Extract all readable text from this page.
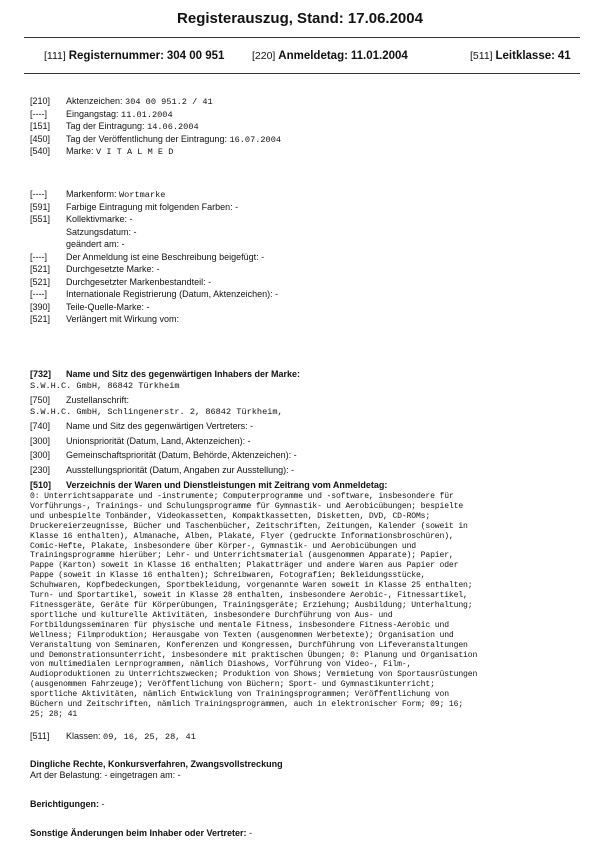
Registerauszug, Stand: 17.06.2004
[111] Registernummer: 304 00 951	[220] Anmeldetag: 11.01.2004	[511] Leitklasse: 41
[210] Aktenzeichen: 304 00 951.2 / 41
[----] Eingangstag: 11.01.2004
[151] Tag der Eintragung: 14.06.2004
[450] Tag der Veröffentlichung der Eintragung: 16.07.2004
[540] Marke: V I T A L M E D
[----] Markenform: Wortmarke
[591] Farbige Eintragung mit folgenden Farben: -
[551] Kollektivmarke: -
Satzungsdatum: -
geändert am: -
[----] Der Anmeldung ist eine Beschreibung beigefügt: -
[521] Durchgesetzte Marke: -
[521] Durchgesetzter Markenbestandteil: -
[----] Internationale Registrierung (Datum, Aktenzeichen): -
[390] Teile-Quelle-Marke: -
[521] Verlängert mit Wirkung vom:
[732] Name und Sitz des gegenwärtigen Inhabers der Marke:
S.W.H.C. GmbH, 86842 Türkheim
[750] Zustellanschrift:
S.W.H.C. GmbH, Schlingenerstr. 2, 86842 Türkheim,
[740] Name und Sitz des gegenwärtigen Vertreters: -
[300] Unionspriorität (Datum, Land, Aktenzeichen): -
[300] Gemeinschaftspriorität (Datum, Behörde, Aktenzeichen): -
[230] Ausstellungspriorität (Datum, Angaben zur Ausstellung): -
[510] Verzeichnis der Waren und Dienstleistungen mit Zeitrang vom Anmeldetag:
0: Unterrichtsapparate und -instrumente; Computerprogramme und -software, insbesondere für
Vorführungs-, Trainings- und Schulungsprogramme für Gymnastik- und Aerobicübungen; bespielte
und unbespielte Tonbänder, Videokassetten, Kompaktkassetten, Disketten, DVD, CD-ROMs;
Druckereierzeugnisse, Bücher und Taschenbücher, Zeitschriften, Zeitungen, Kalender (soweit in
Klasse 16 enthalten), Almanache, Alben, Plakate, Flyer (gedruckte Informationsbroschüren),
Comic-Hefte, Plakate, insbesondere über Körper-, Gymnastik- und Aerobicübungen und
Trainingsprogramme hierüber; Lehr- und Unterrichtsmaterial (ausgenommen Apparate); Papier,
Pappe (Karton) soweit in Klasse 16 enthalten; Plakatträger und andere Waren aus Papier oder
Pappe (soweit in Klasse 16 enthalten); Schreibwaren, Fotografien; Bekleidungsstücke,
Schuhwaren, Kopfbedeckungen, Sportbekleidung, vorgenannte Waren soweit in Klasse 25 enthalten;
Turn- und Sportartikel, soweit in Klasse 28 enthalten, insbesondere Aerobic-, Fitnessartikel,
Fitnessgeräte, Geräte für Körperübungen, Trainingsgeräte; Erziehung; Ausbildung; Unterhaltung;
sportliche und kulturelle Aktivitäten, insbesondere Durchführung von Aus- und
Fortbildungsseminaren für physische und mentale Fitness, insbesondere Fitness-Aerobic und
Wellness; Filmproduktion; Herausgabe von Texten (ausgenommen Werbetexte); Organisation und
Veranstaltung von Seminaren, Konferenzen und Kongressen, Durchführung von Lifeveranstaltungen
und Demonstrationsunterricht, insbesondere mit praktischen Übungen; 0: Planung und Organisation
von multimedialen Lernprogrammen, nämlich Diashows, Vorführung von Video-, Film-,
Audioproduktionen zu Unterrichtszwecken; Produktion von Shows; Vermietung von Sportausrüstungen
(ausgenommen Fahrzeuge); Veröffentlichung von Büchern; Sport- und Gymnastikunterricht;
sportliche Aktivitäten, nämlich Entwicklung von Trainingsprogrammen; Veröffentlichung von
Büchern und Zeitschriften, nämlich Trainingsprogrammen, auch in elektronischer Form; 09; 16;
25; 28; 41
[511] Klassen: 09, 16, 25, 28, 41
Dingliche Rechte, Konkursverfahren, Zwangsvollstreckung
Art der Belastung: - eingetragen am: -
Berichtigungen: -
Sonstige Änderungen beim Inhaber oder Vertreter: -
